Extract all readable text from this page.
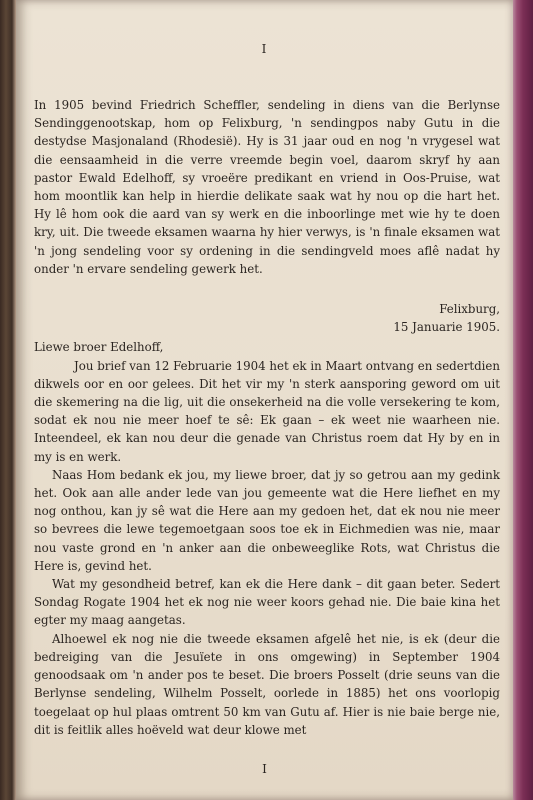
I

In 1905 bevind Friedrich Scheffler, sendeling in diens van die Berlynse Sendinggenootskap, hom op Felixburg, 'n sendingpos naby Gutu in die destydse Masjonaland (Rhodesië). Hy is 31 jaar oud en nog 'n vrygesel wat die eensaamheid in die verre vreemde begin voel, daarom skryf hy aan pastor Ewald Edelhoff, sy vroeëre predikant en vriend in Oos-Pruise, wat hom moontlik kan help in hierdie delikate saak wat hy nou op die hart het. Hy lê hom ook die aard van sy werk en die inboorlinge met wie hy te doen kry, uit. Die tweede eksamen waarna hy hier verwys, is 'n finale eksamen wat 'n jong sendeling voor sy ordening in die sendingveld moes aflê nadat hy onder 'n ervare sendeling gewerk het.

Felixburg,
15 Januarie 1905.
Liewe broer Edelhoff,

Jou brief van 12 Februarie 1904 het ek in Maart ontvang en sedertdien dikwels oor en oor gelees. Dit het vir my 'n sterk aansporing geword om uit die skemering na die lig, uit die onsekerheid na die volle versekering te kom, sodat ek nou nie meer hoef te sê: Ek gaan – ek weet nie waarheen nie. Inteendeel, ek kan nou deur die genade van Christus roem dat Hy by en in my is en werk.

Naas Hom bedank ek jou, my liewe broer, dat jy so getrou aan my gedink het. Ook aan alle ander lede van jou gemeente wat die Here liefhet en my nog onthou, kan jy sê wat die Here aan my gedoen het, dat ek nou nie meer so bevrees die lewe tegemoetgaan soos toe ek in Eichmedien was nie, maar nou vaste grond en 'n anker aan die onbeweeglike Rots, wat Christus die Here is, gevind het.

Wat my gesondheid betref, kan ek die Here dank – dit gaan beter. Sedert Sondag Rogate 1904 het ek nog nie weer koors gehad nie. Die baie kina het egter my maag aangetas.

Alhoewel ek nog nie die tweede eksamen afgelê het nie, is ek (deur die bedreiging van die Jesuïete in ons omgewing) in September 1904 genoodsaak om 'n ander pos te beset. Die broers Posselt (drie seuns van die Berlynse sendeling, Wilhelm Posselt, oorlede in 1885) het ons voorlopig toegelaat op hul plaas omtrent 50 km van Gutu af. Hier is nie baie berge nie, dit is feitlik alles hoëveld wat deur klowe met

I
